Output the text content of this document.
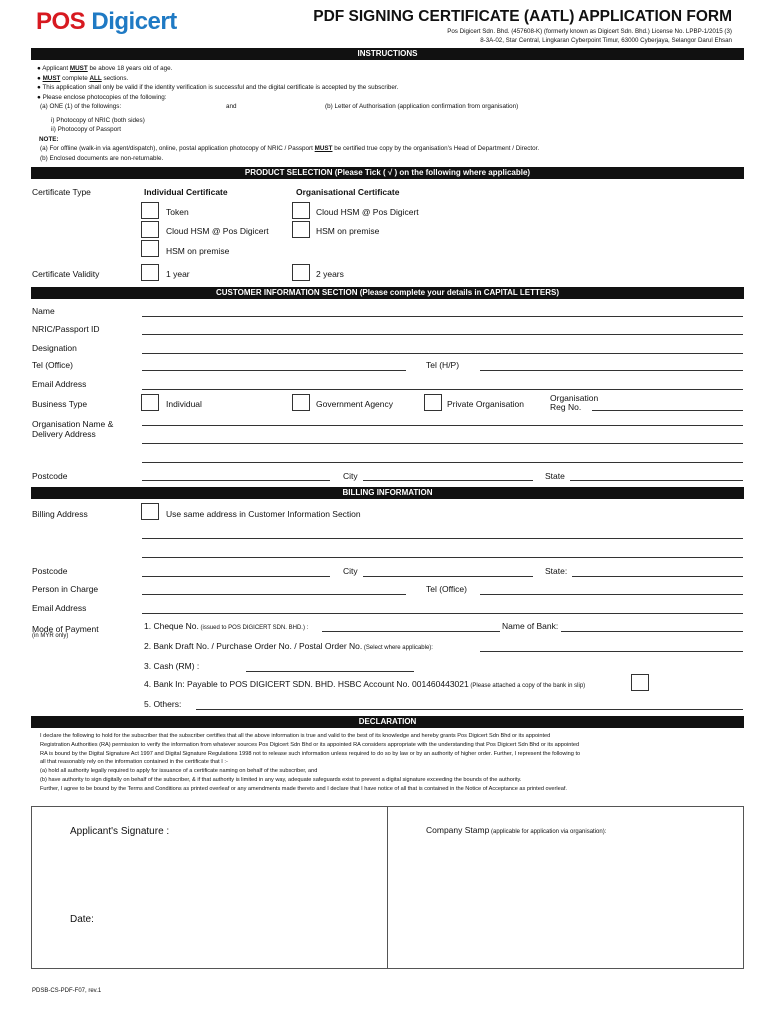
POS Digicert	PDF SIGNING CERTIFICATE (AATL) APPLICATION FORM
Pos Digicert Sdn. Bhd. (457608-K) (formerly known as Digicert Sdn. Bhd.) License No. LPBP-1/2015 (3)
8-3A-02, Star Central, Lingkaran Cyberpoint Timur, 63000 Cyberjaya, Selangor Darul Ehsan
INSTRUCTIONS
● Applicant MUST be above 18 years old of age.
● MUST complete ALL sections.
● This application shall only be valid if the identity verification is successful and the digital certificate is accepted by the subscriber.
● Please enclose photocopies of the following:
(a) ONE (1) of the followings:	and	(b) Letter of Authorisation (application confirmation from organisation)
i) Photocopy of NRIC (both sides)
ii) Photocopy of Passport
NOTE:
(a) For offline (walk-in via agent/dispatch), online, postal application photocopy of NRIC / Passport MUST be certified true copy by the organisation's Head of Department / Director.
(b) Enclosed documents are non-returnable.
PRODUCT SELECTION (Please Tick ( √ ) on the following where applicable)
Certificate Type	Individual Certificate	Organisational Certificate
Token	Cloud HSM @ Pos Digicert
Cloud HSM @ Pos Digicert	HSM on premise
HSM on premise
Certificate Validity	1 year	2 years
CUSTOMER INFORMATION SECTION (Please complete your details in CAPITAL LETTERS)
Name
NRIC/Passport ID
Designation
Tel (Office)	Tel (H/P)
Email Address
Business Type	Individual	Government Agency	Private Organisation
Organisation
Reg No.
Organisation Name &
Delivery Address
Postcode	City	State
BILLING INFORMATION
Billing Address	Use same address in Customer Information Section
Postcode	City	State:
Person in Charge	Tel (Office)
Email Address
Mode of Payment
(in MYR only)
1. Cheque No. (issued to POS DIGICERT SDN. BHD.) :	Name of Bank:
2. Bank Draft No. / Purchase Order No. / Postal Order No. (Select where applicable):
3. Cash (RM) :
4. Bank In: Payable to POS DIGICERT SDN. BHD. HSBC Account No. 001460443021 (Please attached a copy of the bank in slip)
5. Others:
DECLARATION
I declare the following to hold for the subscriber that the subscriber certifies that all the above information is true and valid to the best of its knowledge and hereby grants Pos Digicert Sdn Bhd or its appointed
Registration Authorities (RA) permission to verify the information from whatever sources Pos Digicert Sdn Bhd or its appointed RA considers appropriate with the understanding that Pos Digicert Sdn Bhd or its appointed
RA is bound by the Digital Signature Act 1997 and Digital Signature Regulations 1998 not to release such information unless required to do so by law or by an authority of higher order. Further, I represent the following to
all that reasonably rely on the information contained in the certificate that I :-
(a) hold all authority legally required to apply for issuance of a certificate naming on behalf of the subscriber, and
(b) have authority to sign digitally on behalf of the subscriber, & if that authority is limited in any way, adequate safeguards exist to prevent a digital signature exceeding the bounds of the authority.
Further, I agree to be bound by the Terms and Conditions as printed overleaf or any amendments made thereto and I declare that I have notice of all that is contained in the Notice of Acceptance as printed overleaf.
Applicant's Signature :	Company Stamp (applicable for application via organisation):
Date:
PDSB-CS-PDF-F07, rev.1
